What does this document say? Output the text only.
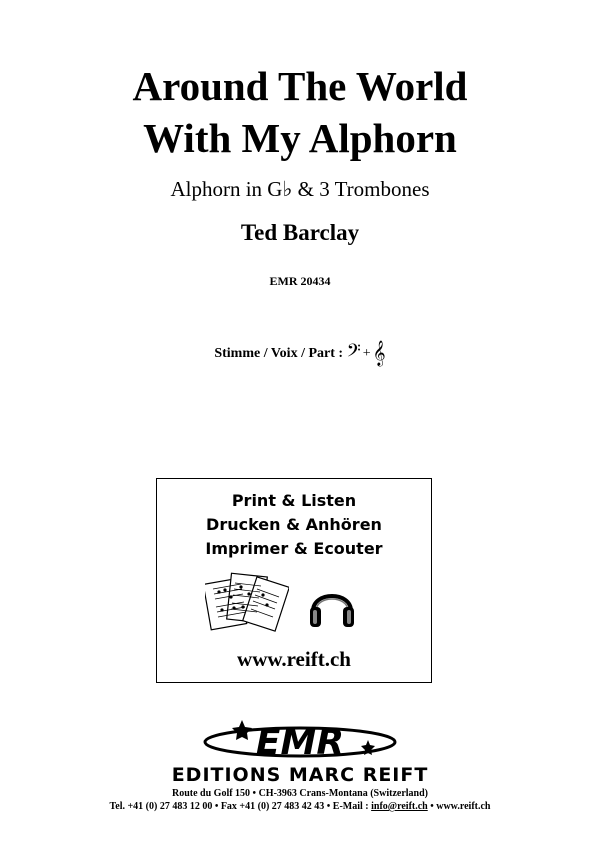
Around The World
With My Alphorn
Alphorn in G♭ & 3 Trombones
Ted Barclay
EMR 20434
Stimme / Voix / Part : 𝄢 +𝄞
Print & Listen
Drucken & Anhören
Imprimer & Ecouter
www.reift.ch
EMR
EDITIONS MARC REIFT
Route du Golf 150 • CH-3963 Crans-Montana (Switzerland)
Tel. +41 (0) 27 483 12 00 • Fax +41 (0) 27 483 42 43 • E-Mail : info@reift.ch • www.reift.ch
